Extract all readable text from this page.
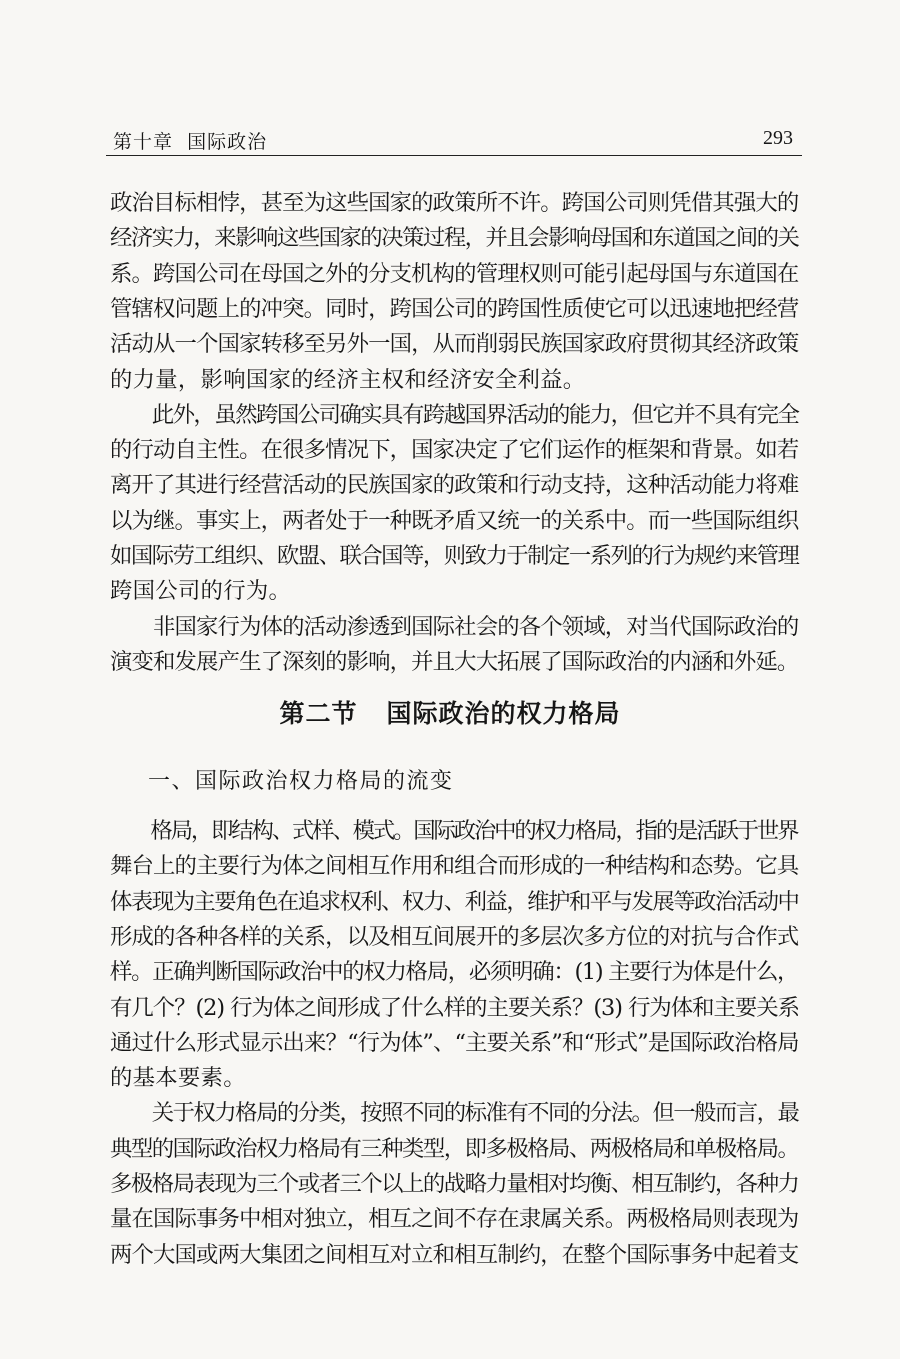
第十章  国际政治	293
政治目标相悖，甚至为这些国家的政策所不许。跨国公司则凭借其强大的
经济实力，来影响这些国家的决策过程，并且会影响母国和东道国之间的关
系。跨国公司在母国之外的分支机构的管理权则可能引起母国与东道国在
管辖权问题上的冲突。同时，跨国公司的跨国性质使它可以迅速地把经营
活动从一个国家转移至另外一国，从而削弱民族国家政府贯彻其经济政策
的力量，影响国家的经济主权和经济安全利益。
　　此外，虽然跨国公司确实具有跨越国界活动的能力，但它并不具有完全
的行动自主性。在很多情况下，国家决定了它们运作的框架和背景。如若
离开了其进行经营活动的民族国家的政策和行动支持，这种活动能力将难
以为继。事实上，两者处于一种既矛盾又统一的关系中。而一些国际组织
如国际劳工组织、欧盟、联合国等，则致力于制定一系列的行为规约来管理
跨国公司的行为。
　　非国家行为体的活动渗透到国际社会的各个领域，对当代国际政治的
演变和发展产生了深刻的影响，并且大大拓展了国际政治的内涵和外延。
第二节   国际政治的权力格局
一、国际政治权力格局的流变
　　格局，即结构、式样、模式。国际政治中的权力格局，指的是活跃于世界
舞台上的主要行为体之间相互作用和组合而形成的一种结构和态势。它具
体表现为主要角色在追求权利、权力、利益，维护和平与发展等政治活动中
形成的各种各样的关系，以及相互间展开的多层次多方位的对抗与合作式
样。正确判断国际政治中的权力格局，必须明确：(1) 主要行为体是什么，
有几个？(2) 行为体之间形成了什么样的主要关系？(3) 行为体和主要关系
通过什么形式显示出来？“行为体”、“主要关系”和“形式”是国际政治格局
的基本要素。
　　关于权力格局的分类，按照不同的标准有不同的分法。但一般而言，最
典型的国际政治权力格局有三种类型，即多极格局、两极格局和单极格局。
多极格局表现为三个或者三个以上的战略力量相对均衡、相互制约，各种力
量在国际事务中相对独立，相互之间不存在隶属关系。两极格局则表现为
两个大国或两大集团之间相互对立和相互制约，在整个国际事务中起着支
